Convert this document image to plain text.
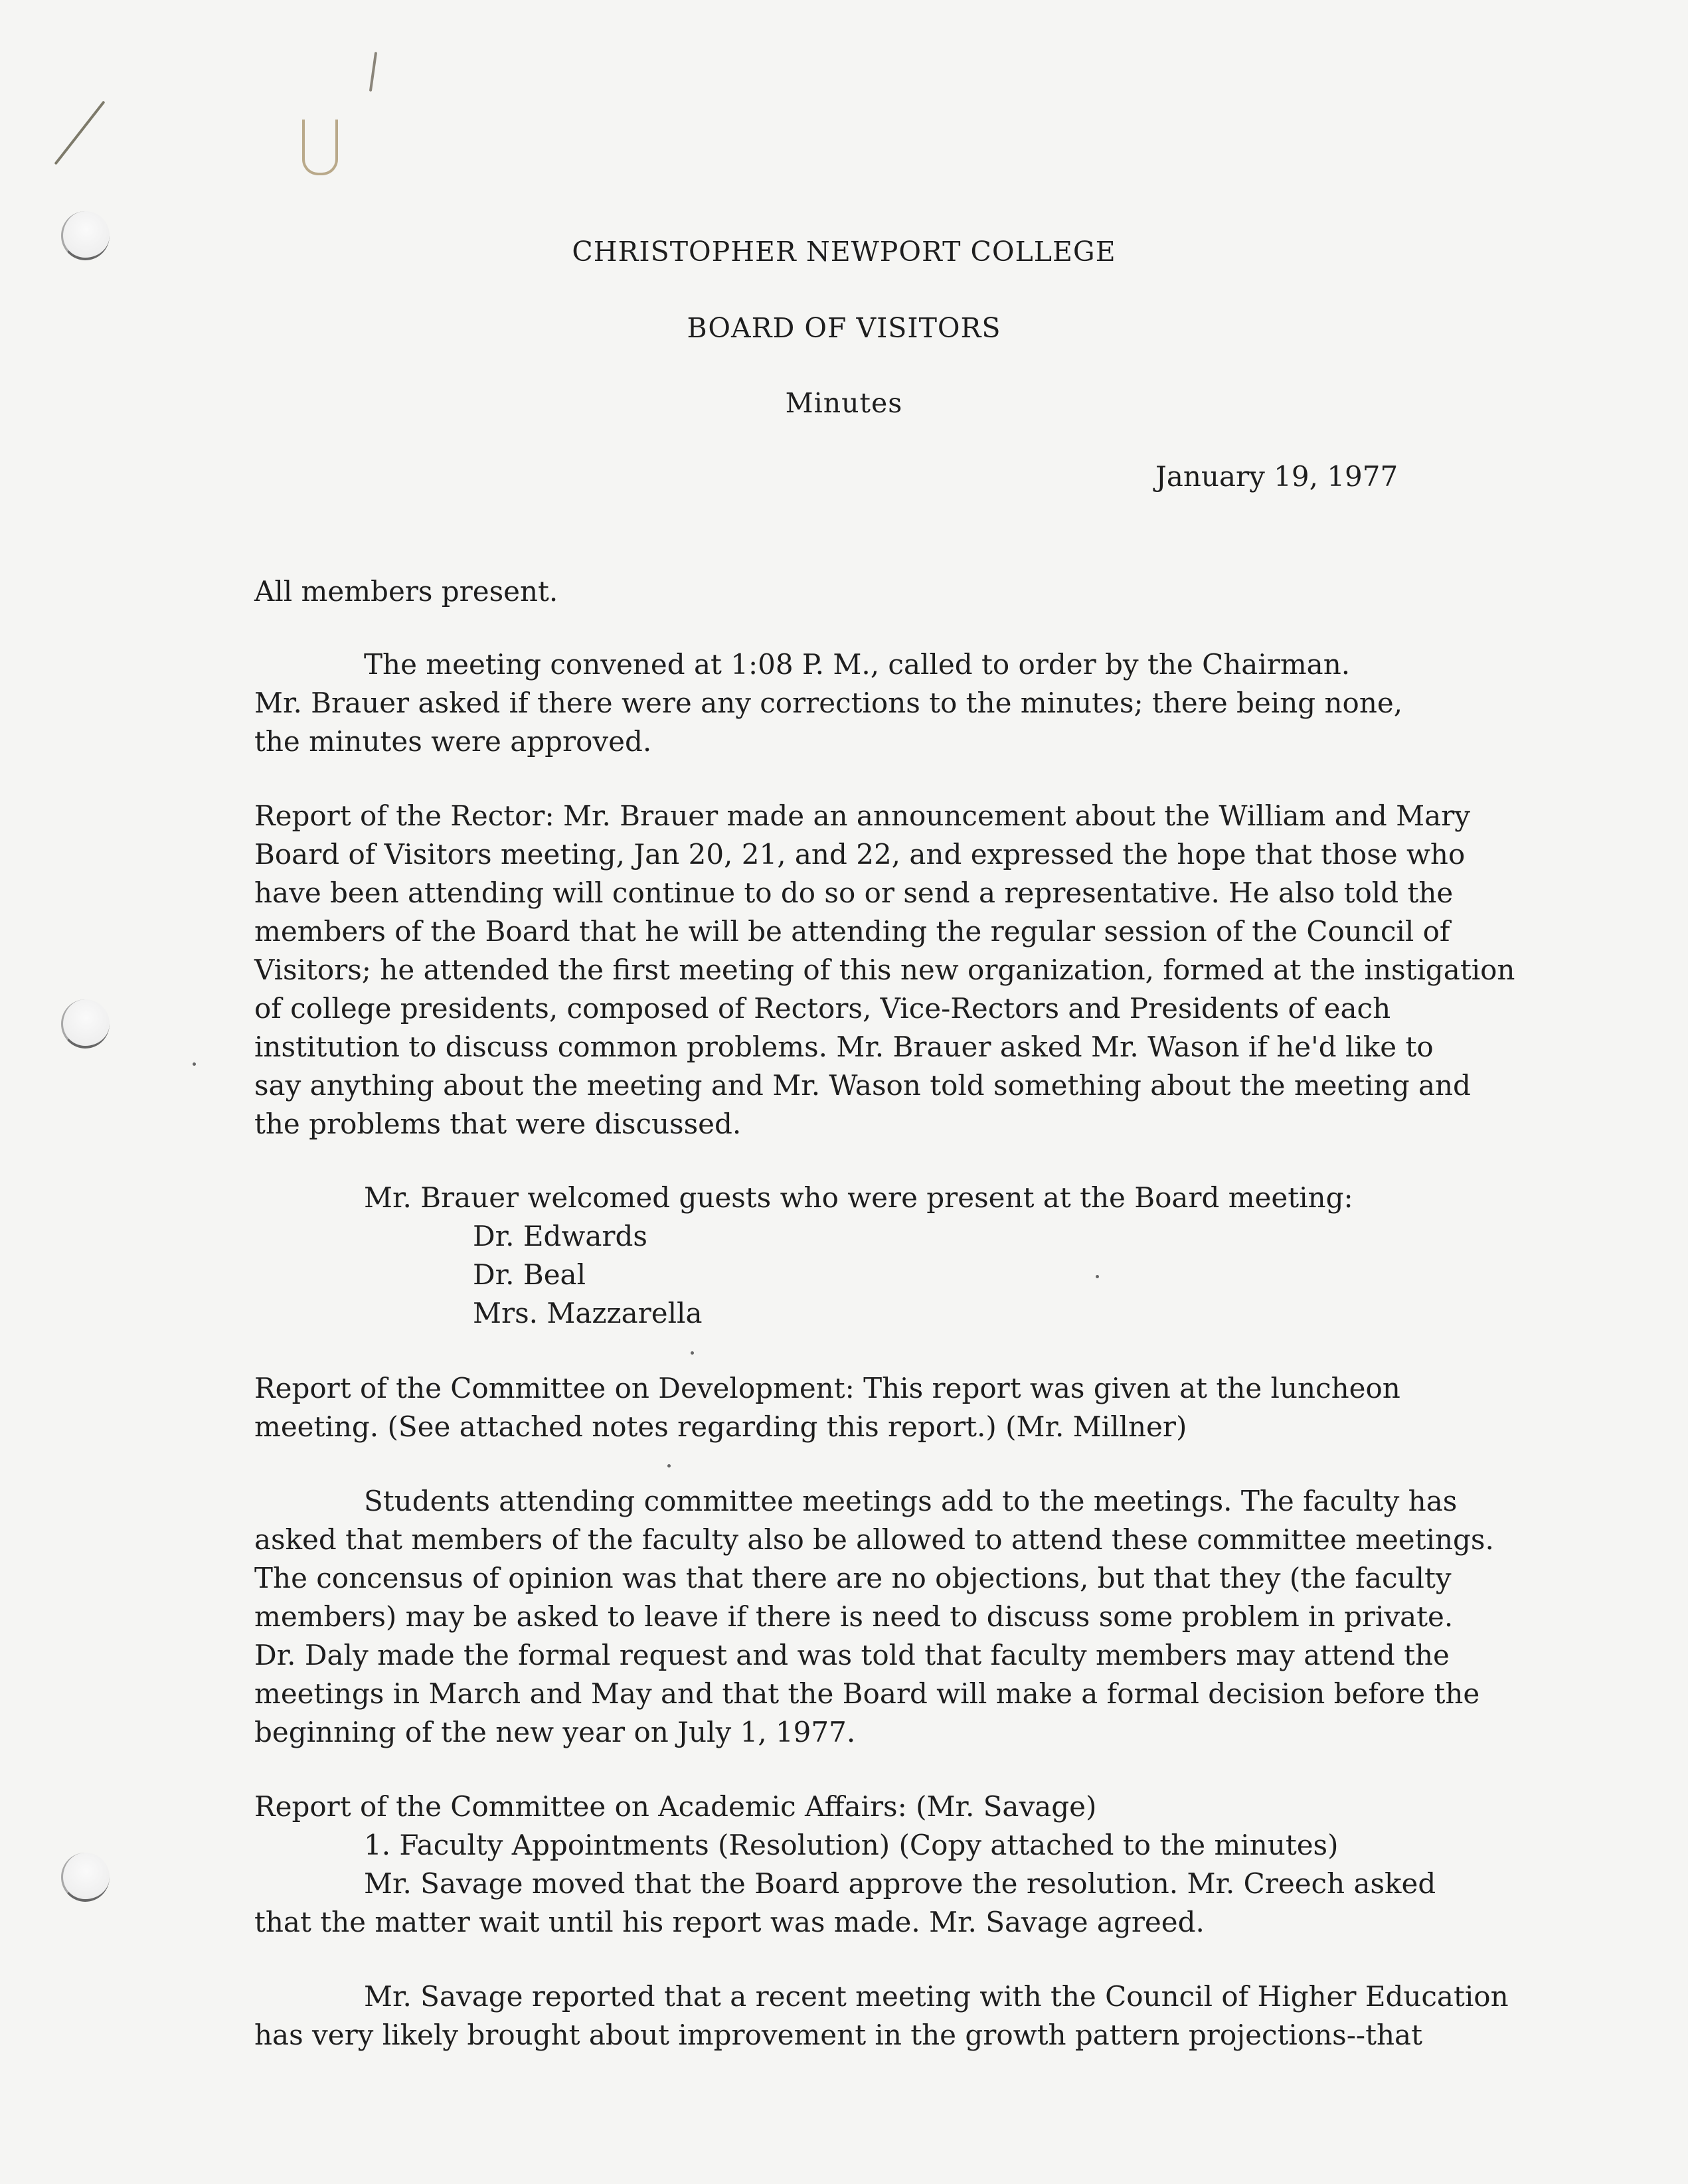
CHRISTOPHER NEWPORT COLLEGE
BOARD OF VISITORS
Minutes
January 19, 1977
All members present.
The meeting convened at 1:08 P. M., called to order by the Chairman.
Mr. Brauer asked if there were any corrections to the minutes; there being none,
the minutes were approved.
Report of the Rector: Mr. Brauer made an announcement about the William and Mary
Board of Visitors meeting, Jan 20, 21, and 22, and expressed the hope that those who
have been attending will continue to do so or send a representative. He also told the
members of the Board that he will be attending the regular session of the Council of
Visitors; he attended the first meeting of this new organization, formed at the instigation
of college presidents, composed of Rectors, Vice-Rectors and Presidents of each
institution to discuss common problems. Mr. Brauer asked Mr. Wason if he'd like to
say anything about the meeting and Mr. Wason told something about the meeting and
the problems that were discussed.
Mr. Brauer welcomed guests who were present at the Board meeting:
Dr. Edwards
Dr. Beal
Mrs. Mazzarella
Report of the Committee on Development: This report was given at the luncheon
meeting. (See attached notes regarding this report.) (Mr. Millner)
Students attending committee meetings add to the meetings. The faculty has
asked that members of the faculty also be allowed to attend these committee meetings.
The concensus of opinion was that there are no objections, but that they (the faculty
members) may be asked to leave if there is need to discuss some problem in private.
Dr. Daly made the formal request and was told that faculty members may attend the
meetings in March and May and that the Board will make a formal decision before the
beginning of the new year on July 1, 1977.
Report of the Committee on Academic Affairs: (Mr. Savage)
1. Faculty Appointments (Resolution) (Copy attached to the minutes)
Mr. Savage moved that the Board approve the resolution. Mr. Creech asked
that the matter wait until his report was made. Mr. Savage agreed.
Mr. Savage reported that a recent meeting with the Council of Higher Education
has very likely brought about improvement in the growth pattern projections--that
